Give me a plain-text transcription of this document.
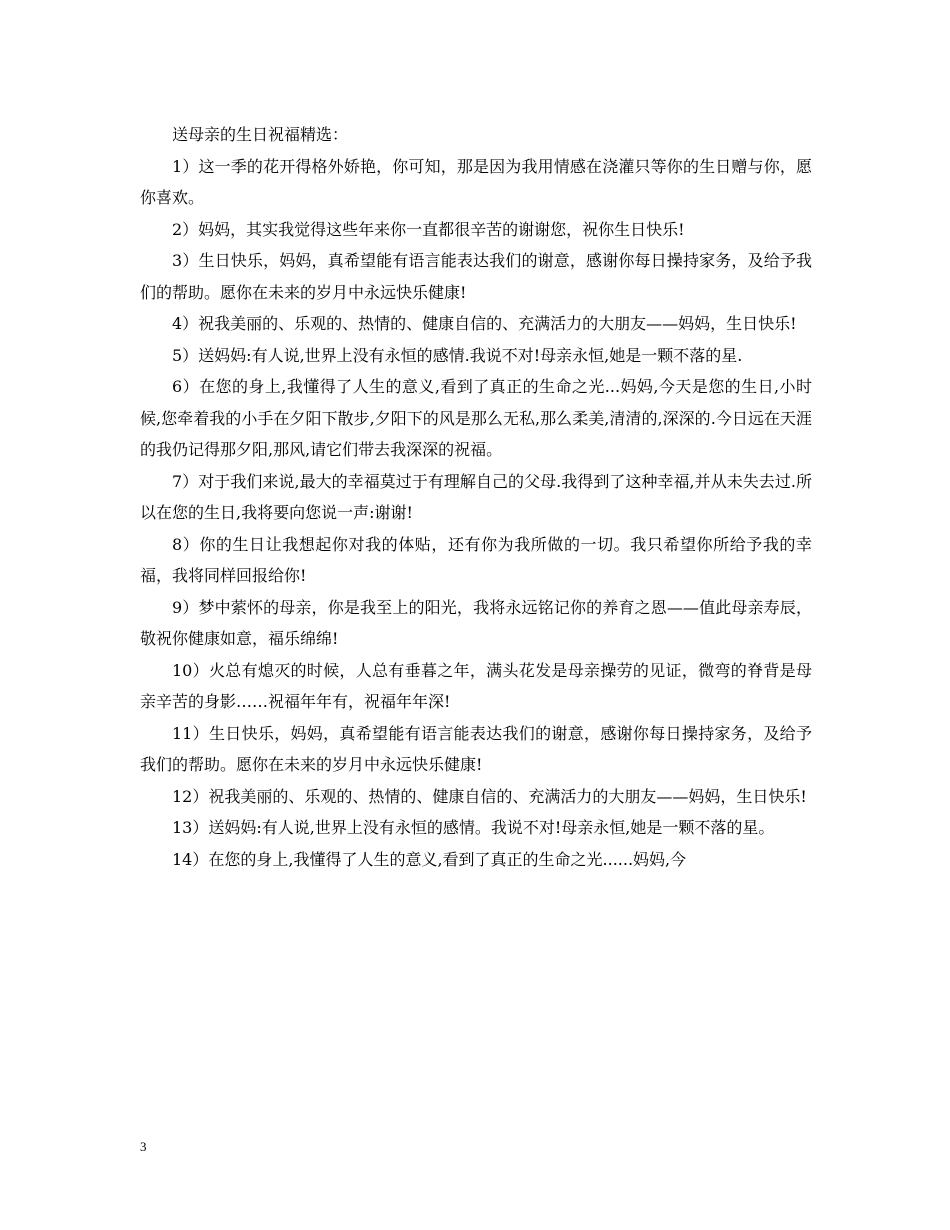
送母亲的生日祝福精选：

1）这一季的花开得格外娇艳，你可知，那是因为我用情感在浇灌只等你的生日赠与你，愿你喜欢。

2）妈妈，其实我觉得这些年来你一直都很辛苦的谢谢您，祝你生日快乐!

3）生日快乐，妈妈，真希望能有语言能表达我们的谢意，感谢你每日操持家务，及给予我们的帮助。愿你在未来的岁月中永远快乐健康!

4）祝我美丽的、乐观的、热情的、健康自信的、充满活力的大朋友——妈妈，生日快乐!

5）送妈妈:有人说,世界上没有永恒的感情.我说不对!母亲永恒,她是一颗不落的星.

6）在您的身上,我懂得了人生的意义,看到了真正的生命之光...妈妈,今天是您的生日,小时候,您牵着我的小手在夕阳下散步,夕阳下的风是那么无私,那么柔美,清清的,深深的.今日远在天涯的我仍记得那夕阳,那风,请它们带去我深深的祝福。

7）对于我们来说,最大的幸福莫过于有理解自己的父母.我得到了这种幸福,并从未失去过.所以在您的生日,我将要向您说一声:谢谢!

8）你的生日让我想起你对我的体贴，还有你为我所做的一切。我只希望你所给予我的幸福，我将同样回报给你!

9）梦中萦怀的母亲，你是我至上的阳光，我将永远铭记你的养育之恩——值此母亲寿辰，敬祝你健康如意，福乐绵绵!

10）火总有熄灭的时候，人总有垂暮之年，满头花发是母亲操劳的见证，微弯的脊背是母亲辛苦的身影……祝福年年有，祝福年年深!

11）生日快乐，妈妈，真希望能有语言能表达我们的谢意，感谢你每日操持家务，及给予我们的帮助。愿你在未来的岁月中永远快乐健康!

12）祝我美丽的、乐观的、热情的、健康自信的、充满活力的大朋友——妈妈，生日快乐!

13）送妈妈:有人说,世界上没有永恒的感情。我说不对!母亲永恒,她是一颗不落的星。

14）在您的身上,我懂得了人生的意义,看到了真正的生命之光......妈妈,今

3
